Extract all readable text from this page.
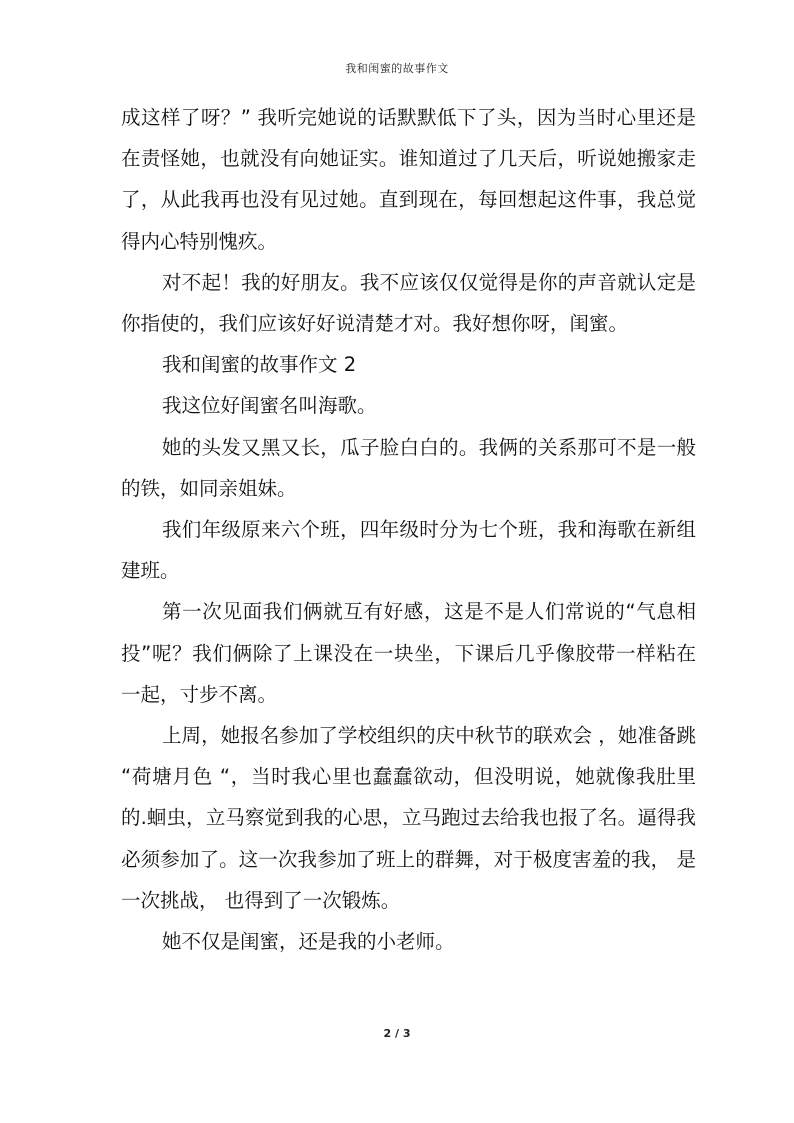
我和闺蜜的故事作文

成这样了呀？” 我听完她说的话默默低下了头，因为当时心里还是在责怪她，也就没有向她证实。谁知道过了几天后，听说她搬家走了，从此我再也没有见过她。直到现在，每回想起这件事，我总觉得内心特别愧疚。

对不起！我的好朋友。我不应该仅仅觉得是你的声音就认定是你指使的，我们应该好好说清楚才对。我好想你呀，闺蜜。

我和闺蜜的故事作文 2

我这位好闺蜜名叫海歌。

她的头发又黑又长，瓜子脸白白的。我俩的关系那可不是一般的铁，如同亲姐妹。

我们年级原来六个班，四年级时分为七个班，我和海歌在新组建班。

第一次见面我们俩就互有好感，这是不是人们常说的“气息相投”呢？我们俩除了上课没在一块坐，下课后几乎像胶带一样粘在一起，寸步不离。

上周，她报名参加了学校组织的庆中秋节的联欢会 ，她准备跳 “荷塘月色 “，当时我心里也蠢蠢欲动，但没明说，她就像我肚里的.蛔虫，立马察觉到我的心思，立马跑过去给我也报了名。逼得我必须参加了。这一次我参加了班上的群舞，对于极度害羞的我， 是一次挑战， 也得到了一次锻炼。

她不仅是闺蜜，还是我的小老师。

2 / 3
